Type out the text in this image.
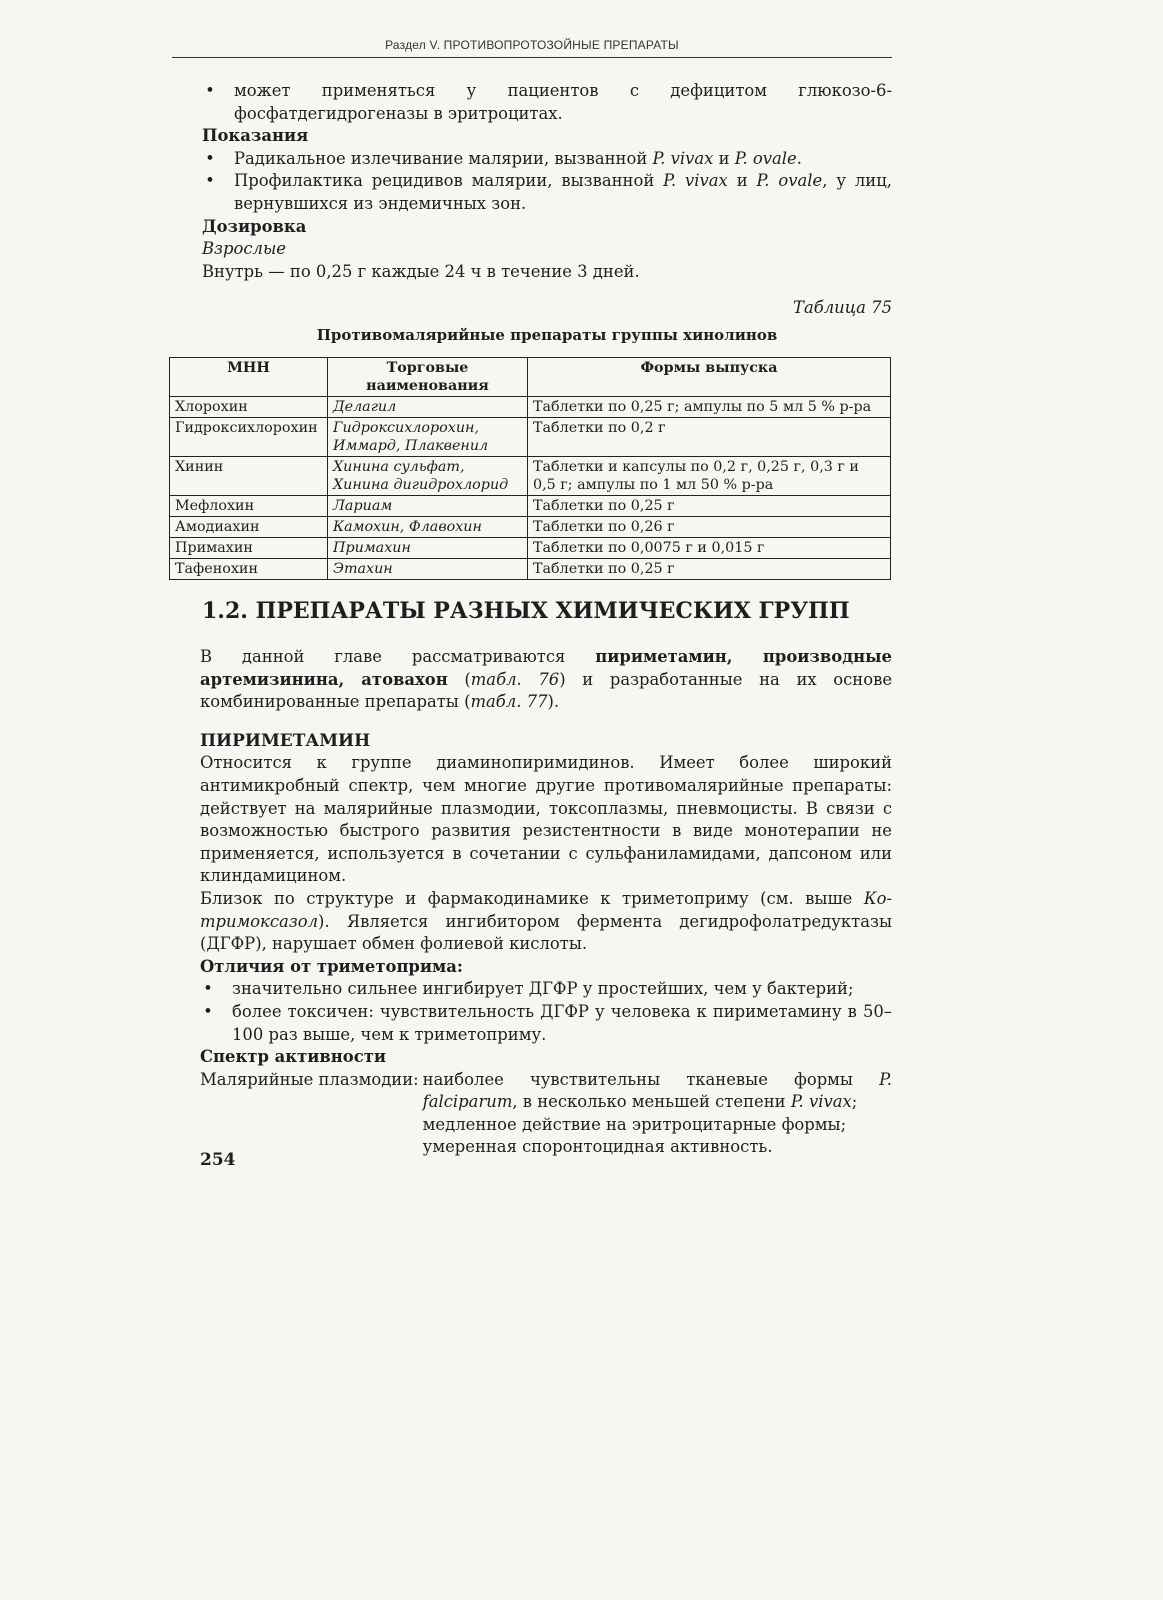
Раздел V. ПРОТИВОПРОТОЗОЙНЫЕ ПРЕПАРАТЫ

• может применяться у пациентов с дефицитом глюкозо-6-фосфатдегидрогеназы в эритроцитах.

Показания

• Радикальное излечивание малярии, вызванной P. vivax и P. ovale.

• Профилактика рецидивов малярии, вызванной P. vivax и P. ovale, у лиц, вернувшихся из эндемичных зон.

Дозировка

Взрослые

Внутрь — по 0,25 г каждые 24 ч в течение 3 дней.

Таблица 75

Противомалярийные препараты группы хинолинов

МНН	Торговые наименования	Формы выпуска
Хлорохин	Делагил	Таблетки по 0,25 г; ампулы по 5 мл 5 % р-ра
Гидроксихлорохин	Гидроксихлорохин, Иммард, Плаквенил	Таблетки по 0,2 г
Хинин	Хинина сульфат, Хинина дигидрохлорид	Таблетки и капсулы по 0,2 г, 0,25 г, 0,3 г и 0,5 г; ампулы по 1 мл 50 % р-ра
Мефлохин	Лариам	Таблетки по 0,25 г
Амодиахин	Камохин, Флавохин	Таблетки по 0,26 г
Примахин	Примахин	Таблетки по 0,0075 г и 0,015 г
Тафенохин	Этахин	Таблетки по 0,25 г
1.2. ПРЕПАРАТЫ РАЗНЫХ ХИМИЧЕСКИХ ГРУПП

В данной главе рассматриваются пириметамин, производные артемизинина, атовахон (табл. 76) и разработанные на их основе комбинированные препараты (табл. 77).

ПИРИМЕТАМИН

Относится к группе диаминопиримидинов. Имеет более широкий антимикробный спектр, чем многие другие противомалярийные препараты: действует на малярийные плазмодии, токсоплазмы, пневмоцисты. В связи с возможностью быстрого развития резистентности в виде монотерапии не применяется, используется в сочетании с сульфаниламидами, дапсоном или клиндамицином.

Близок по структуре и фармакодинамике к триметоприму (см. выше Ко-тримоксазол). Является ингибитором фермента дегидрофолатредуктазы (ДГФР), нарушает обмен фолиевой кислоты.

Отличия от триметоприма:

• значительно сильнее ингибирует ДГФР у простейших, чем у бактерий;

• более токсичен: чувствительность ДГФР у человека к пириметамину в 50–100 раз выше, чем к триметоприму.

Спектр активности

Малярийные плазмодии: наиболее чувствительны тканевые формы P. falciparum, в несколько меньшей степени P. vivax;

медленное действие на эритроцитарные формы;

умеренная споронтоцидная активность.

254
